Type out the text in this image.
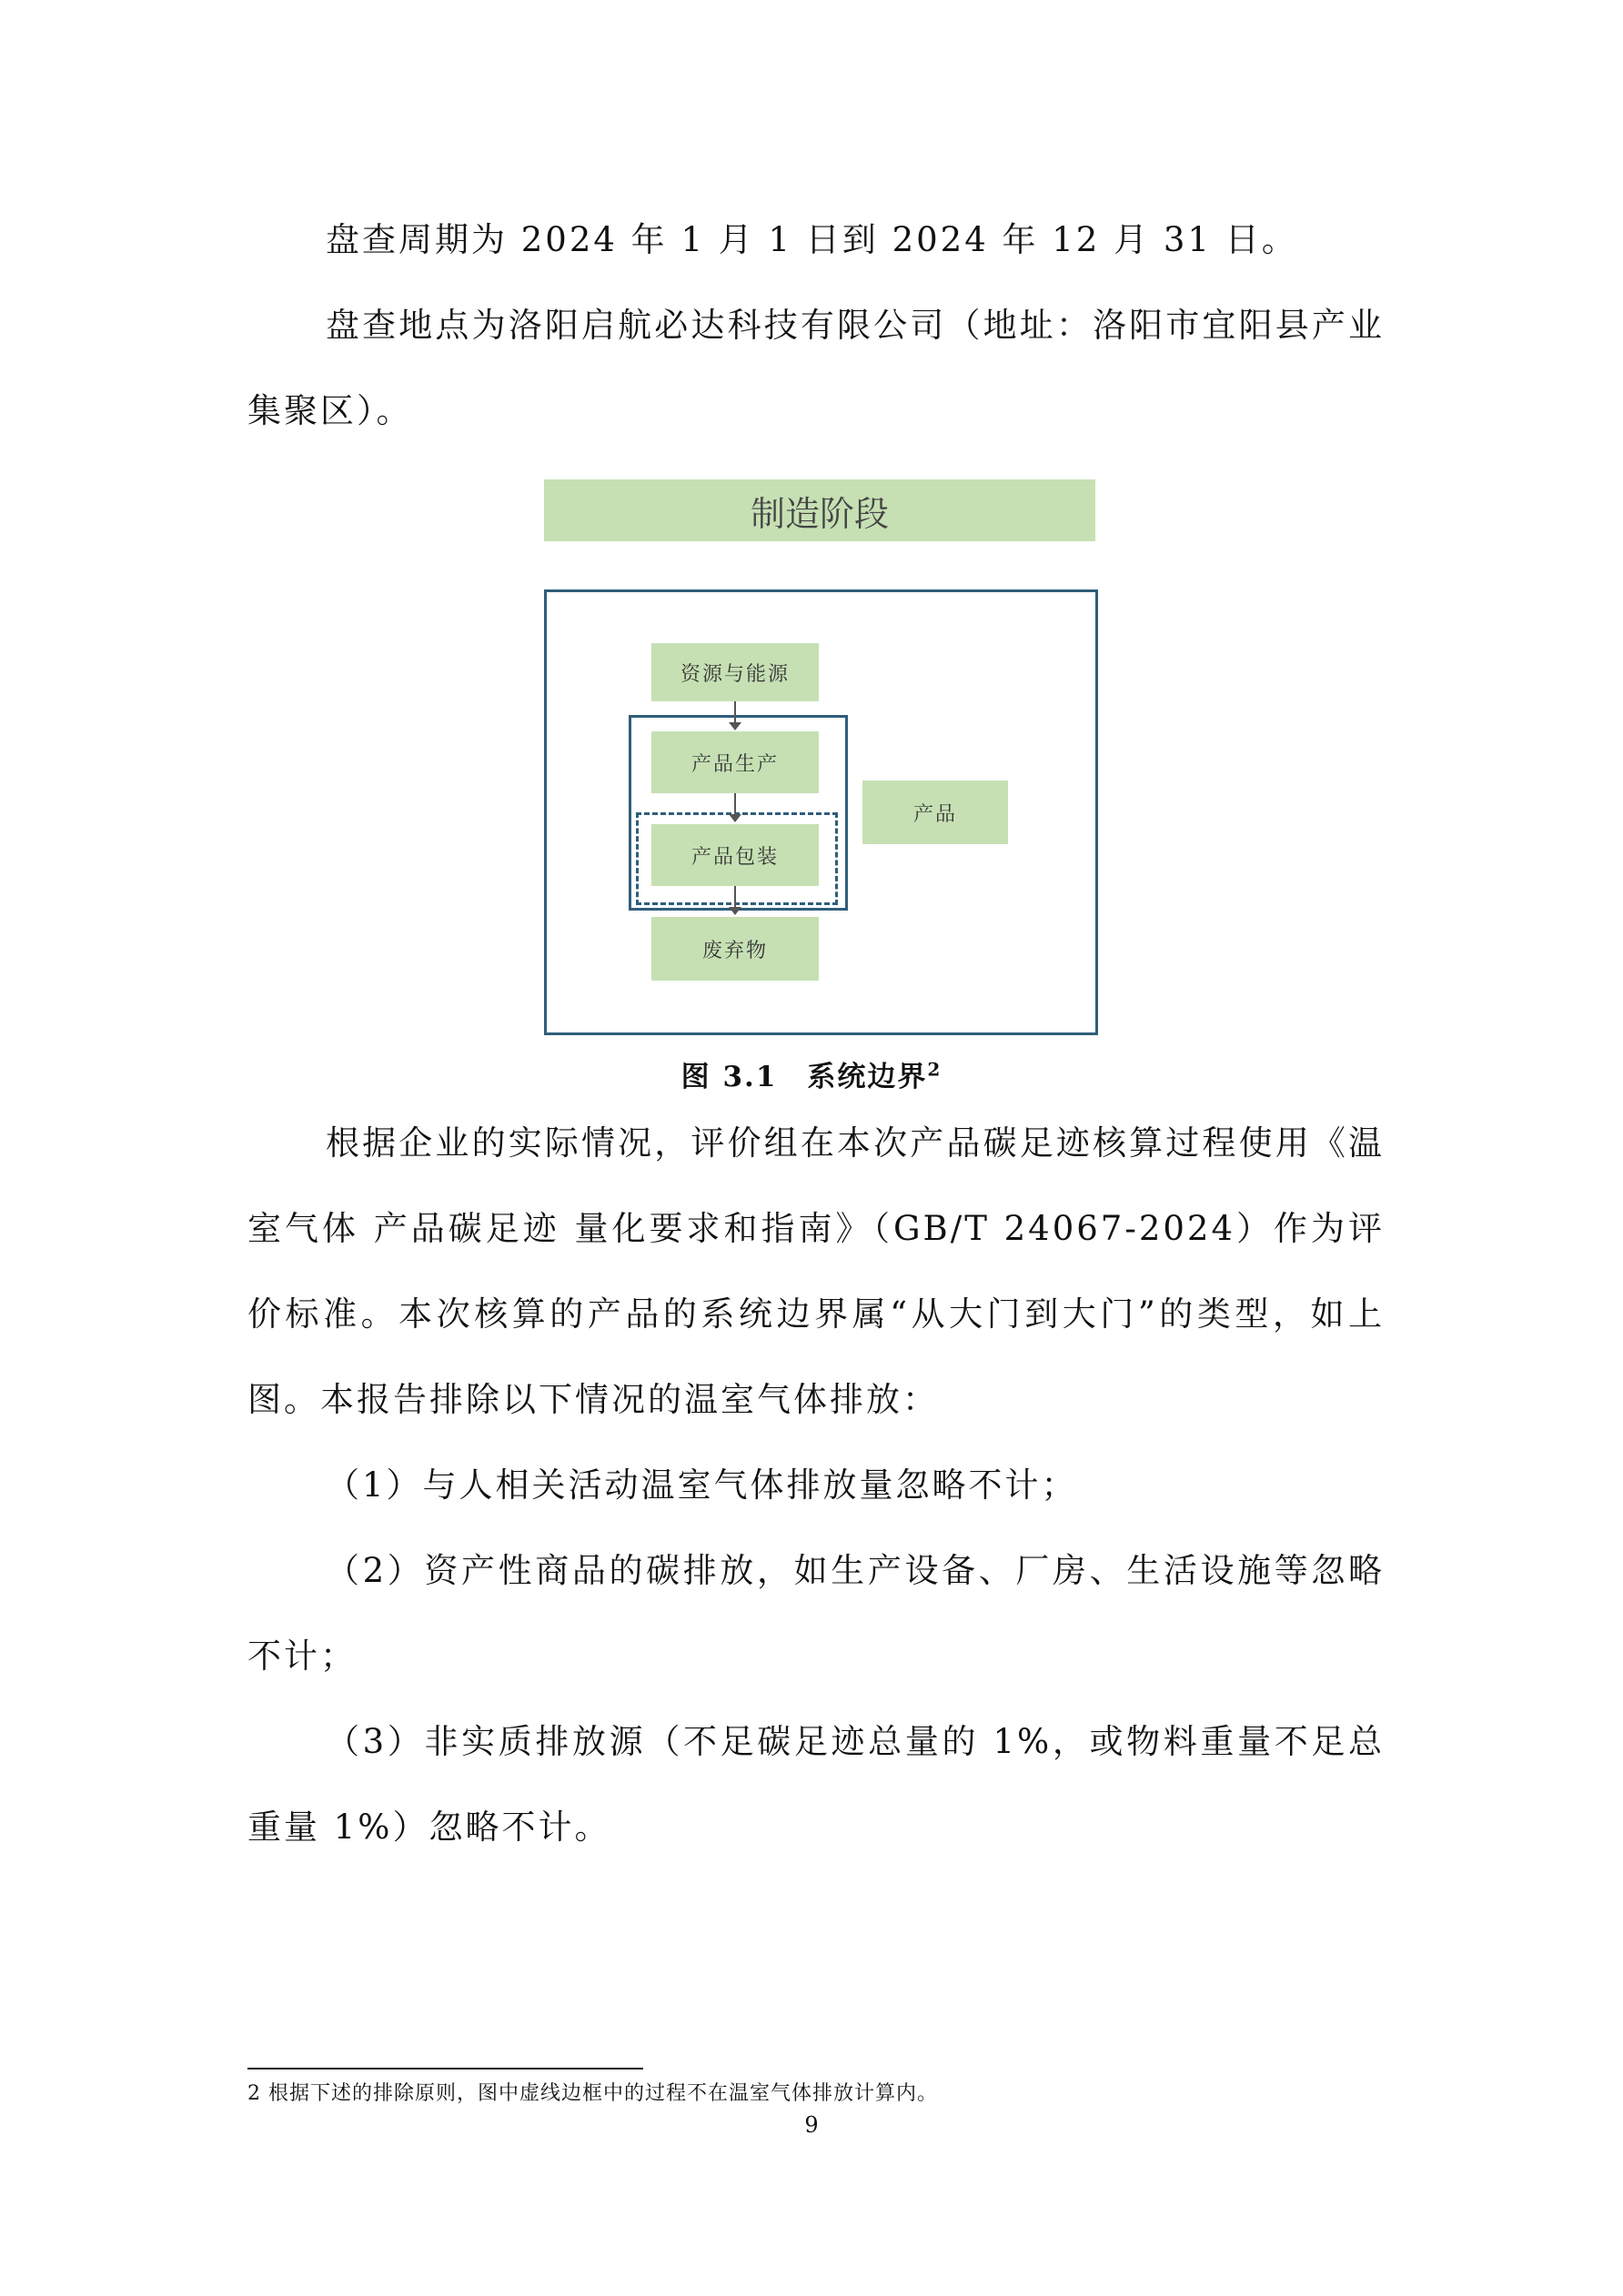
盘查周期为 2024 年 1 月 1 日到 2024 年 12 月 31 日。

盘查地点为洛阳启航必达科技有限公司（地址：洛阳市宜阳县产业集聚区）。

制造阶段
资源与能源
产品生产
产品包装
废弃物
产品
图 3.1　系统边界$^2$

根据企业的实际情况，评价组在本次产品碳足迹核算过程使用《温室气体 产品碳足迹 量化要求和指南》（GB/T 24067-2024）作为评价标准。本次核算的产品的系统边界属“从大门到大门”的类型，如上图。本报告排除以下情况的温室气体排放：

（1）与人相关活动温室气体排放量忽略不计；

（2）资产性商品的碳排放，如生产设备、厂房、生活设施等忽略不计；

（3）非实质排放源（不足碳足迹总量的 1%，或物料重量不足总重量 1%）忽略不计。

2 根据下述的排除原则，图中虚线边框中的过程不在温室气体排放计算内。
9
